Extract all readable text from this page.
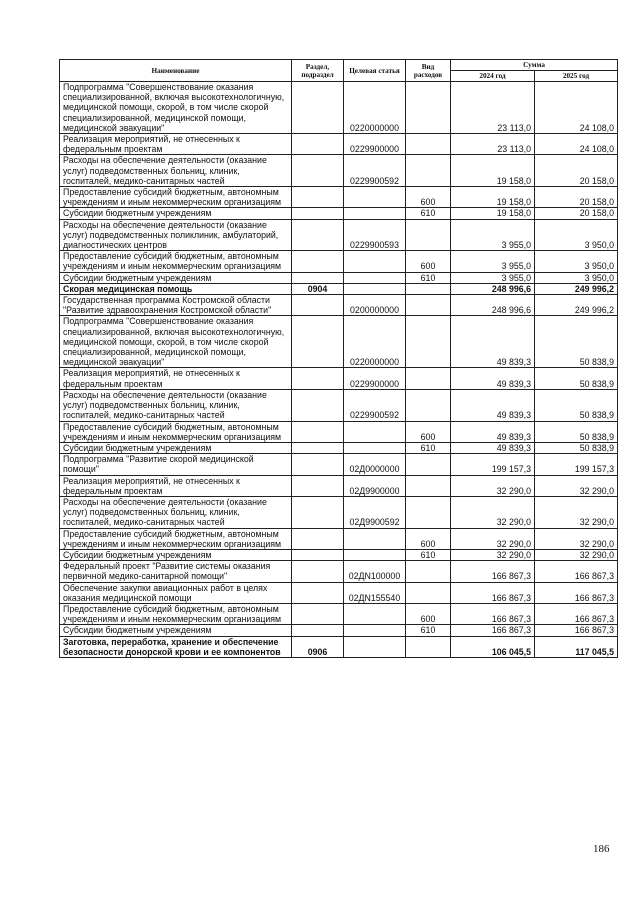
Наименование	Раздел, подраздел	Целевая статья	Вид расходов	Сумма	
				2024 год	2025 год
Подпрограмма "Совершенствование оказания специализированной, включая высокотехнологичную, медицинской помощи, скорой, в том числе скорой специализированной, медицинской помощи, медицинской эвакуации"		0220000000		23 113,0	24 108,0
Реализация мероприятий, не отнесенных к федеральным проектам		0229900000		23 113,0	24 108,0
Расходы на обеспечение деятельности (оказание услуг) подведомственных больниц, клиник, госпиталей, медико-санитарных частей		0229900592		19 158,0	20 158,0
Предоставление субсидий бюджетным, автономным учреждениям и иным некоммерческим организациям			600	19 158,0	20 158,0
Субсидии бюджетным учреждениям			610	19 158,0	20 158,0
Расходы на обеспечение деятельности (оказание услуг) подведомственных поликлиник, амбулаторий, диагностических центров		0229900593		3 955,0	3 950,0
Предоставление субсидий бюджетным, автономным учреждениям и иным некоммерческим организациям			600	3 955,0	3 950,0
Субсидии бюджетным учреждениям			610	3 955,0	3 950,0
Скорая медицинская помощь	0904			248 996,6	249 996,2
Государственная программа Костромской области "Развитие здравоохранения Костромской области"		0200000000		248 996,6	249 996,2
Подпрограмма "Совершенствование оказания специализированной, включая высокотехнологичную, медицинской помощи, скорой, в том числе скорой специализированной, медицинской помощи, медицинской эвакуации"		0220000000		49 839,3	50 838,9
Реализация мероприятий, не отнесенных к федеральным проектам		0229900000		49 839,3	50 838,9
Расходы на обеспечение деятельности (оказание услуг) подведомственных больниц, клиник, госпиталей, медико-санитарных частей		0229900592		49 839,3	50 838,9
Предоставление субсидий бюджетным, автономным учреждениям и иным некоммерческим организациям			600	49 839,3	50 838,9
Субсидии бюджетным учреждениям			610	49 839,3	50 838,9
Подпрограмма "Развитие скорой медицинской помощи"		02Д0000000		199 157,3	199 157,3
Реализация мероприятий, не отнесенных к федеральным проектам		02Д9900000		32 290,0	32 290,0
Расходы на обеспечение деятельности (оказание услуг) подведомственных больниц, клиник, госпиталей, медико-санитарных частей		02Д9900592		32 290,0	32 290,0
Предоставление субсидий бюджетным, автономным учреждениям и иным некоммерческим организациям			600	32 290,0	32 290,0
Субсидии бюджетным учреждениям			610	32 290,0	32 290,0
Федеральный проект "Развитие системы оказания первичной медико-санитарной помощи"		02ДN100000		166 867,3	166 867,3
Обеспечение закупки авиационных работ в целях оказания медицинской помощи		02ДN155540		166 867,3	166 867,3
Предоставление субсидий бюджетным, автономным учреждениям и иным некоммерческим организациям			600	166 867,3	166 867,3
Субсидии бюджетным учреждениям			610	166 867,3	166 867,3
Заготовка, переработка, хранение и обеспечение безопасности донорской крови и ее компонентов	0906			106 045,5	117 045,5
186
